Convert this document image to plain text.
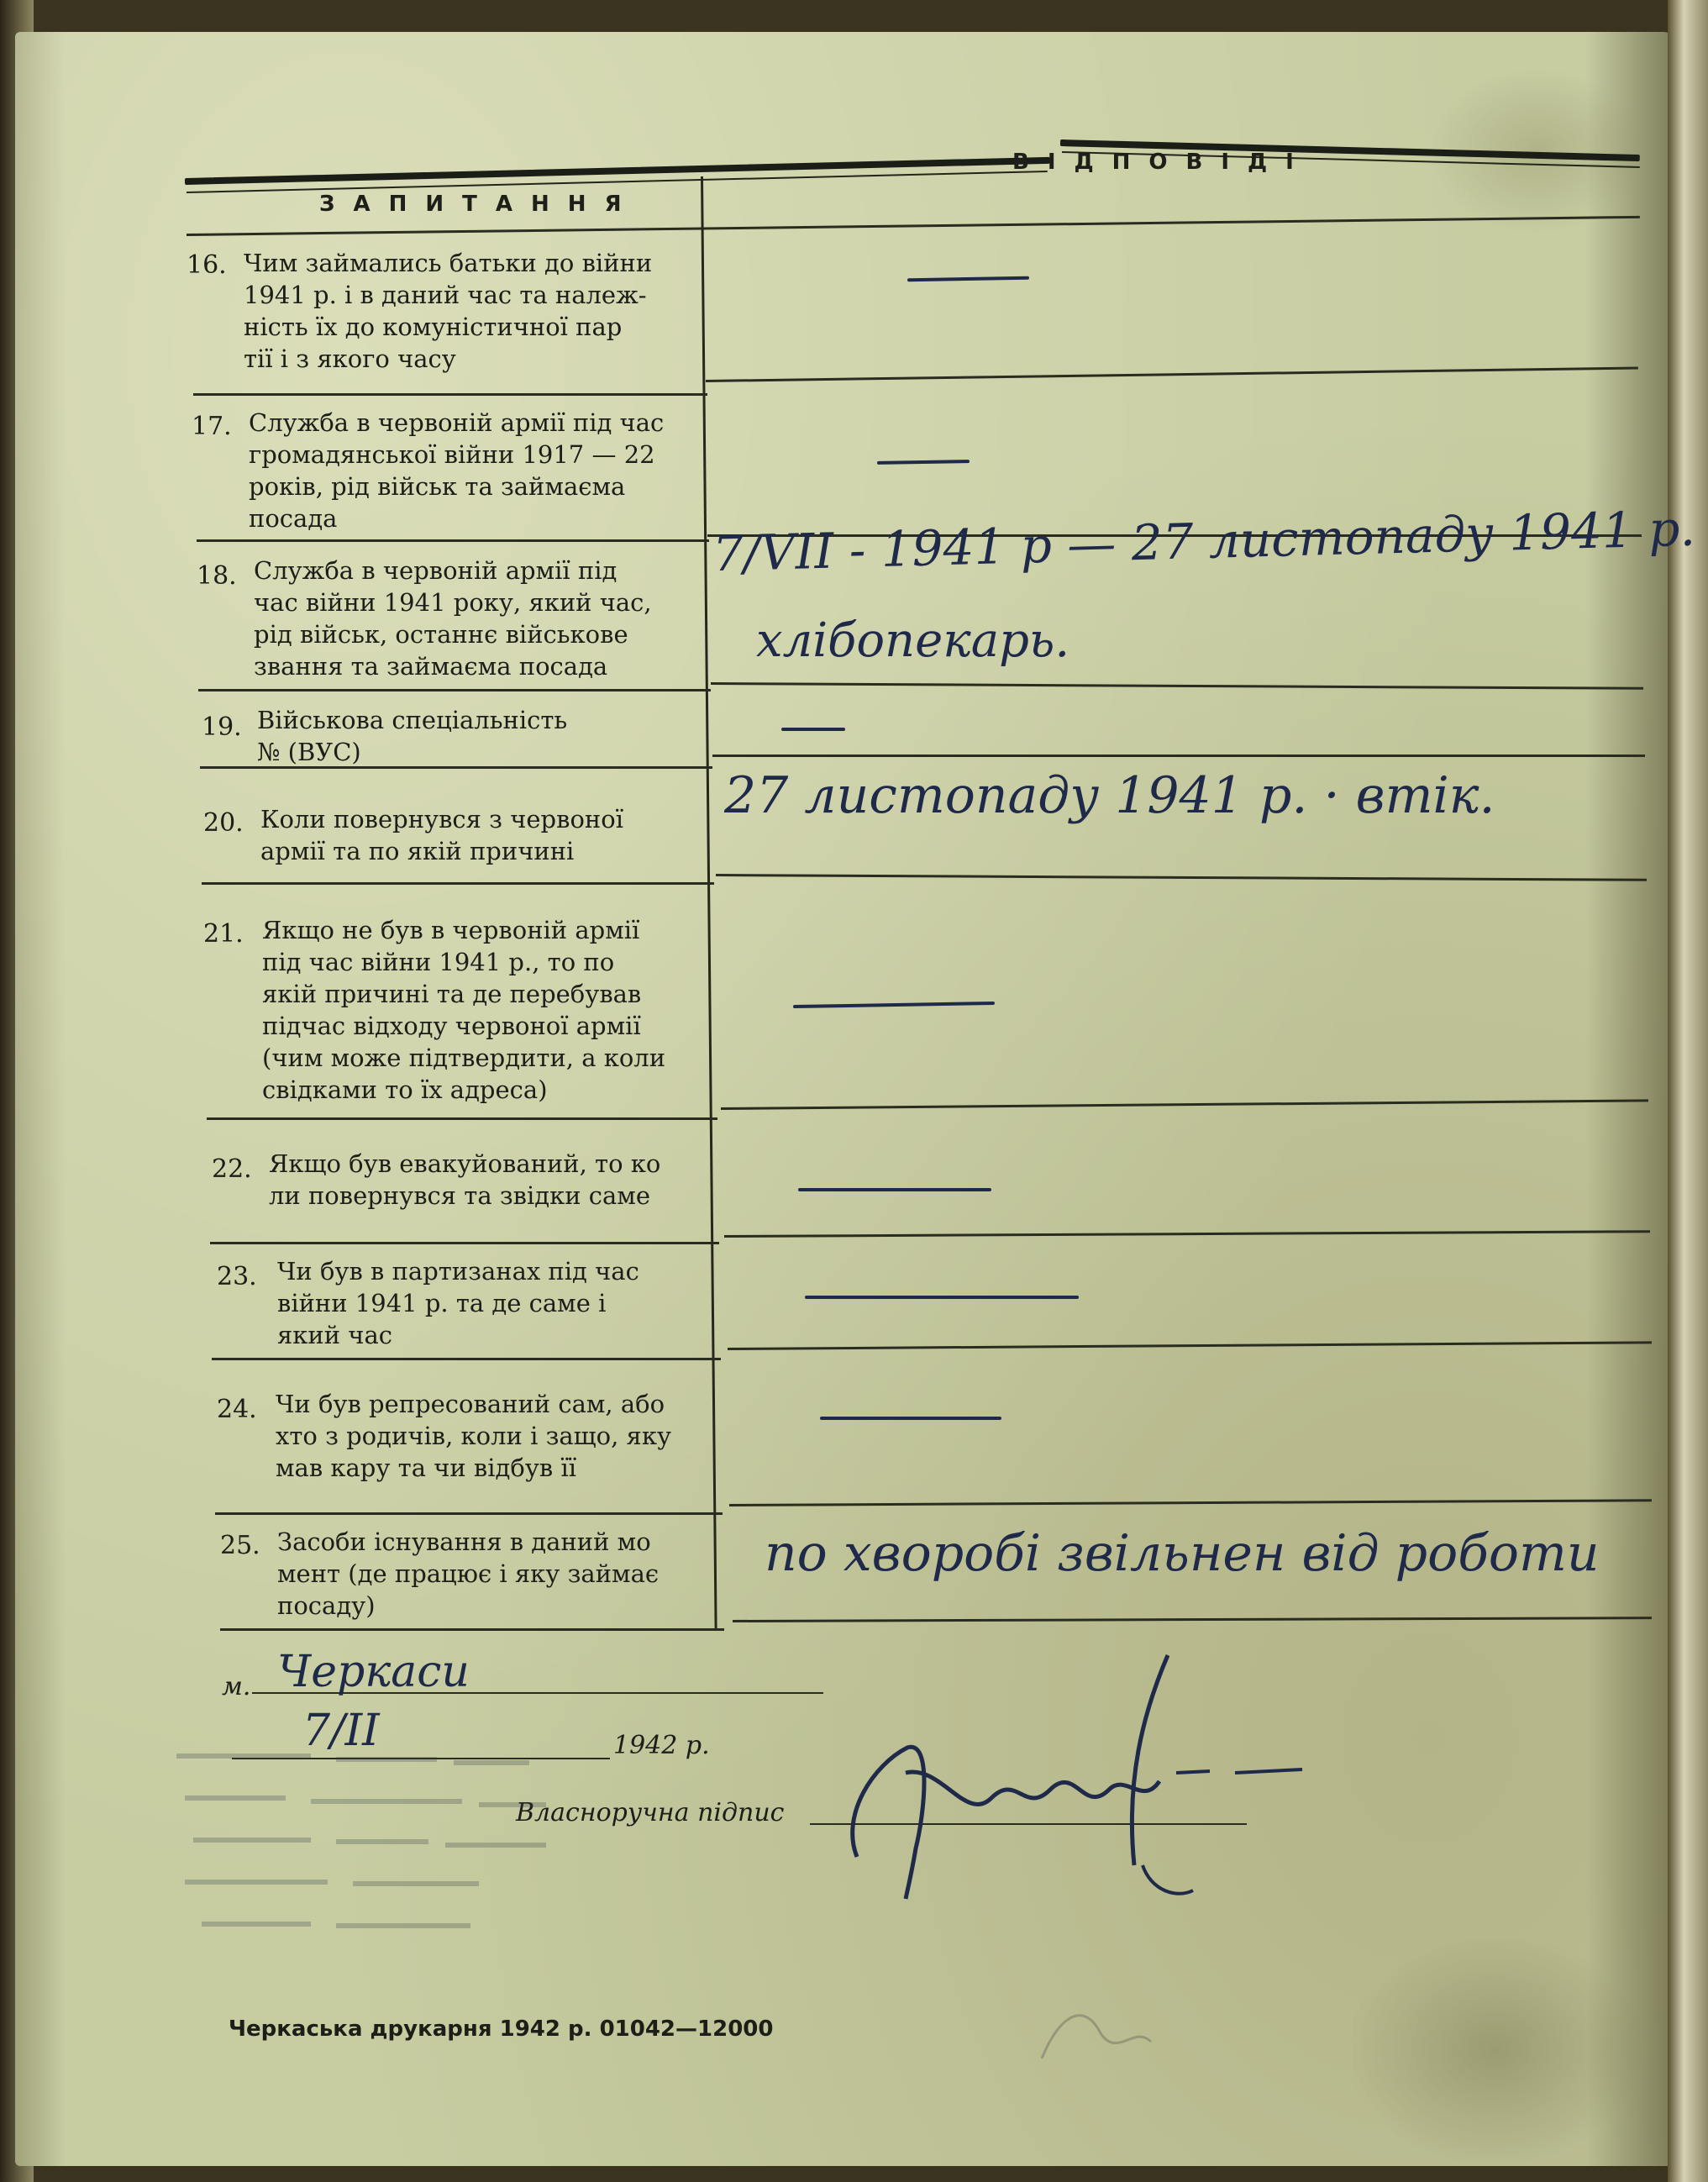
ЗАПИТАННЯ
ВІДПОВІДІ
16. Чим займались батьки до війни
1941 р. і в даний час та належ-
ність їх до комуністичної пар
тії і з якого часу
17. Служба в червоній армії під час
громадянської війни 1917 — 22
років, рід військ та займаєма
посада
18. Служба в червоній армії під
час війни 1941 року, який час,
рід військ, останнє військове
звання та займаєма посада
7/VII - 1941 р — 27 листопаду 1941 р.
хлібопекарь.
19. Військова спеціальність
№ (ВУС)
20. Коли повернувся з червоної
армії та по якій причині
27 листопаду 1941 р. · втік.
21. Якщо не був в червоній армії
під час війни 1941 р., то по
якій причині та де перебував
підчас відходу червоної армії
(чим може підтвердити, а коли
свідками то їх адреса)
22. Якщо був евакуйований, то ко
ли повернувся та звідки саме
23. Чи був в партизанах під час
війни 1941 р. та де саме і
який час
24. Чи був репресований сам, або
хто з родичів, коли і защо, яку
мав кару та чи відбув її
25. Засоби існування в даний мо
мент (де працює і яку займає
посаду)
по хворобі звільнен від роботи
м. Черкаси
7/II	1942 р.
Власноручна підпис
Черкаська друкарня 1942 р. 01042—12000
